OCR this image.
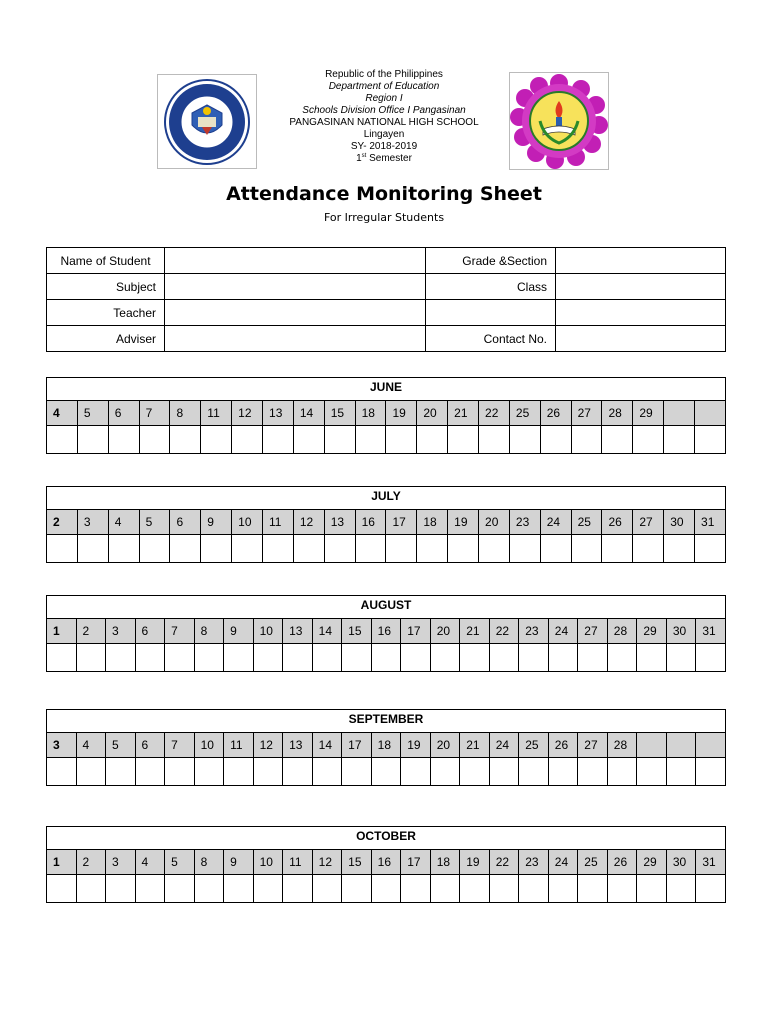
Republic of the Philippines
Department of Education
Region I
Schools Division Office I Pangasinan
PANGASINAN NATIONAL HIGH SCHOOL
Lingayen
SY- 2018-2019
1st Semester
Attendance Monitoring Sheet
For Irregular Students
Name of Student		Grade &Section	
Subject		Class	
Teacher			
Adviser		Contact No.	
JUNE
4	5	6	7	8	11	12	13	14	15	18	19	20	21	22	25	26	27	28	29		

JULY
2	3	4	5	6	9	10	11	12	13	16	17	18	19	20	23	24	25	26	27	30	31

AUGUST
1	2	3	6	7	8	9	10	13	14	15	16	17	20	21	22	23	24	27	28	29	30	31

SEPTEMBER
3	4	5	6	7	10	11	12	13	14	17	18	19	20	21	24	25	26	27	28			

OCTOBER
1	2	3	4	5	8	9	10	11	12	15	16	17	18	19	22	23	24	25	26	29	30	31
